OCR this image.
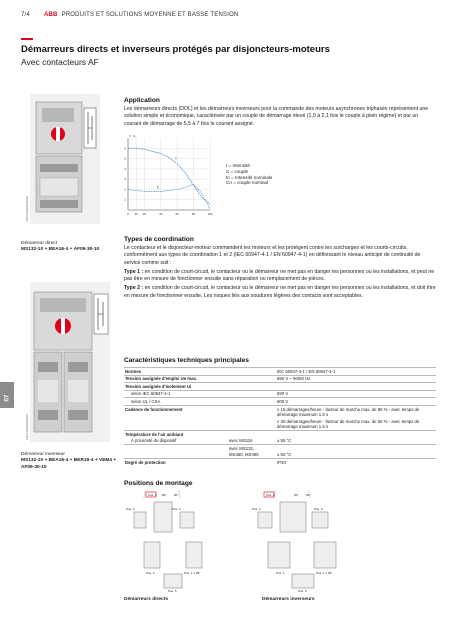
7/4 ABB PRODUITS ET SOLUTIONS MOYENNE ET BASSE TENSION
Démarreurs directs et inverseurs protégés par disjoncteurs-moteurs
Avec contacteurs AF
07
1SFC101001F0001
Démarreur direct
MS132-10 + BEA16-4 + AF09-30-10
1SFC101002F0001
Démarreur inverseur
MS132-10 + BEA16-4 + BER16-4 + VEM4 + AF09-30-10
Application
Les démarreurs directs (DOL) et les démarreurs inverseurs pour la commande des moteurs asynchrones triphasés représentent une solution simple et économique, caractérisée par un couple de démarrage élevé (1,9 à 2,1 fois le couple à plein régime) et par un courant de démarrage de 5,5 à 7 fois le courant assigné.
0 10 20	40	60	80	100
1
2
3
4
5
6
I/ In
I
C
I = Intensité
C = couple
In = Intensité nominale
Cn = couple nominal
Types de coordination
Le contacteur et le disjoncteur-moteur commandent les moteurs et les protègent contre les surcharges et les courts-circuits, conformément aux types de coordination 1 et 2 (IEC 60947-4-1 / EN 60947-4-1) en définissant le niveau anticipé de continuité de service comme suit :
Type 1 : en condition de court-circuit, le contacteur ou le démarreur ne met pas en danger les personnes ou les installations, et peut ne pas être en mesure de fonctionner ensuite sans réparation ou remplacement de pièces.
Type 2 : en condition de court-circuit, le contacteur ou le démarreur ne met pas en danger les personnes ou les installations, et doit être en mesure de fonctionner ensuite. Les risques liés aux soudures légères des contacts sont acceptables.
Caractéristiques techniques principales
Normes		IEC 60947-4-1 / EN 60947-4-1
Tension assignée d'emploi Ue max.		690 V ~ 50/60 Hz
Tension assignée d'isolement Ui		
selon IEC 60947-4-1		690 V
selon UL / CSA		600 V
Cadence de fonctionnement		≤ 15 démarrages/heure - facteur de marche max. de 80 % - avec temps de démarrage maximum 1.5 s
		≤ 30 démarrages/heure - facteur de marche max. de 50 % - avec temps de démarrage maximum 1.5 s
Température de l'air ambiant		
À proximité du dispositif	avec MS116	± 55 °C
	avec MS132,	
	MS450, MS495	± 60 °C
Degré de protection		IP20
Positions de montage
Pos. 2 90° 90°
Pos. 4	Pos. 3
Pos. 1	Pos. 1 ± 90°
Pos. 5
Pos. 2	30° 30°
Pos. 4	Pos. 3
Pos. 1	Pos. 1 ± 30°
Pos. 5
Démarreurs directs	Démarreurs inverseurs
